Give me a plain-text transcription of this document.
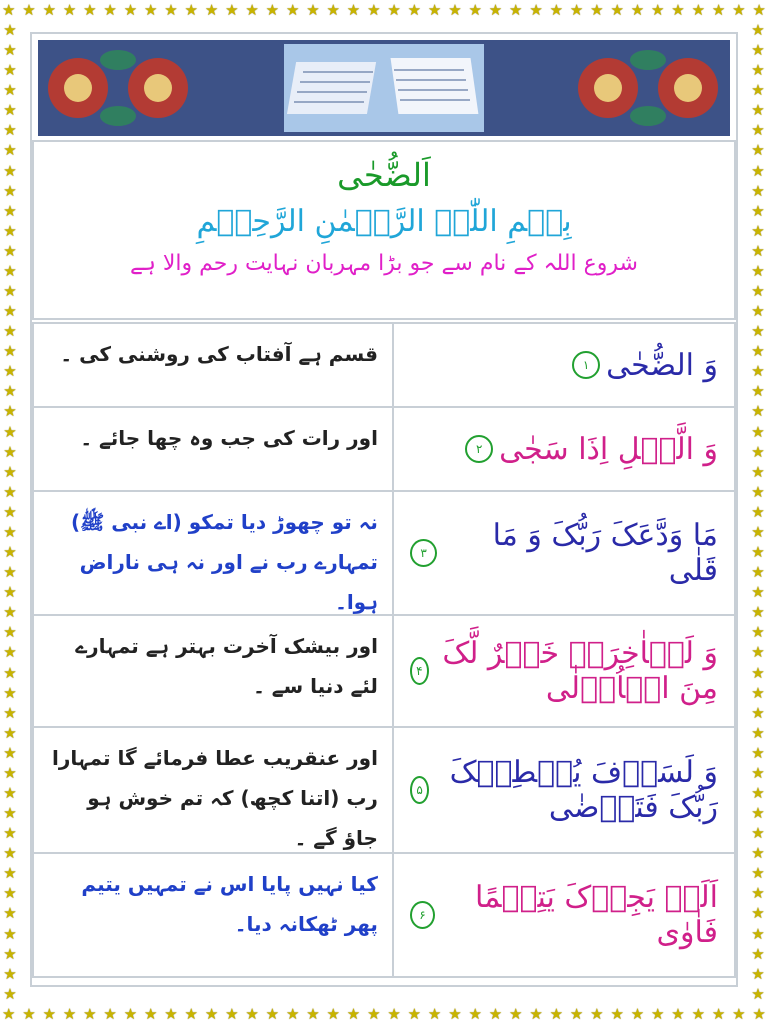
★ ★ ★ ★ ★ ★ ★ ★ ★ ★ ★ ★ ★ ★ ★ ★ ★ ★ ★ ★ ★ ★ ★ ★ ★ ★ ★ ★ ★ ★ ★ ★ ★ ★ ★ ★ ★ ★
★ ★ ★ ★ ★ ★ ★ ★ ★ ★ ★ ★ ★ ★ ★ ★ ★ ★ ★ ★ ★ ★ ★ ★ ★ ★ ★ ★ ★ ★ ★ ★ ★ ★ ★ ★ ★ ★
★
★
★
★
★
★
★
★
★
★
★
★
★
★
★
★
★
★
★
★
★
★
★
★
★
★
★
★
★
★
★
★
★
★
★
★
★
★
★
★
★
★
★
★
★
★
★
★
★
★
★
★
★
★
★
★
★
★
★
★
★
★
★
★
★
★
★
★
★
★
★
★
★
★
★
★
★
★
★
★
★
★
★
★
★
★
★
★
★
★
★
★
★
★
★
★
★
★
اَلضُّحٰی
بِسۡمِ اللّٰہِ الرَّحۡمٰنِ الرَّحِیۡمِ
شروع اللہ کے نام سے جو بڑا مہربان نہایت رحم والا ہے
قسم ہے آفتاب کی روشنی کی ۔	وَ الضُّحٰی
۱
اور رات کی جب وہ چھا جائے ۔	وَ الَّیۡلِ اِذَا سَجٰی
۲
نہ تو چھوڑ دیا تمکو (اے نبی ﷺ) تمہارے رب نے اور نہ ہی ناراض ہوا۔
مَا وَدَّعَکَ رَبُّکَ وَ مَا قَلٰی
۳
اور بیشک آخرت بہتر ہے تمہارے لئے دنیا سے ۔
وَ لَلۡاٰخِرَۃُ خَیۡرٌ لَّکَ مِنَ الۡاُوۡلٰی
۴
اور عنقریب عطا فرمائے گا تمہارا رب (اتنا کچھ) کہ تم خوش ہو جاؤ گے ۔
وَ لَسَوۡفَ یُعۡطِیۡکَ رَبُّکَ فَتَرۡضٰی
۵
کیا نہیں پایا اس نے تمہیں یتیم پھر ٹھکانہ دیا۔
اَلَمۡ یَجِدۡکَ یَتِیۡمًا فَاٰوٰی
۶
